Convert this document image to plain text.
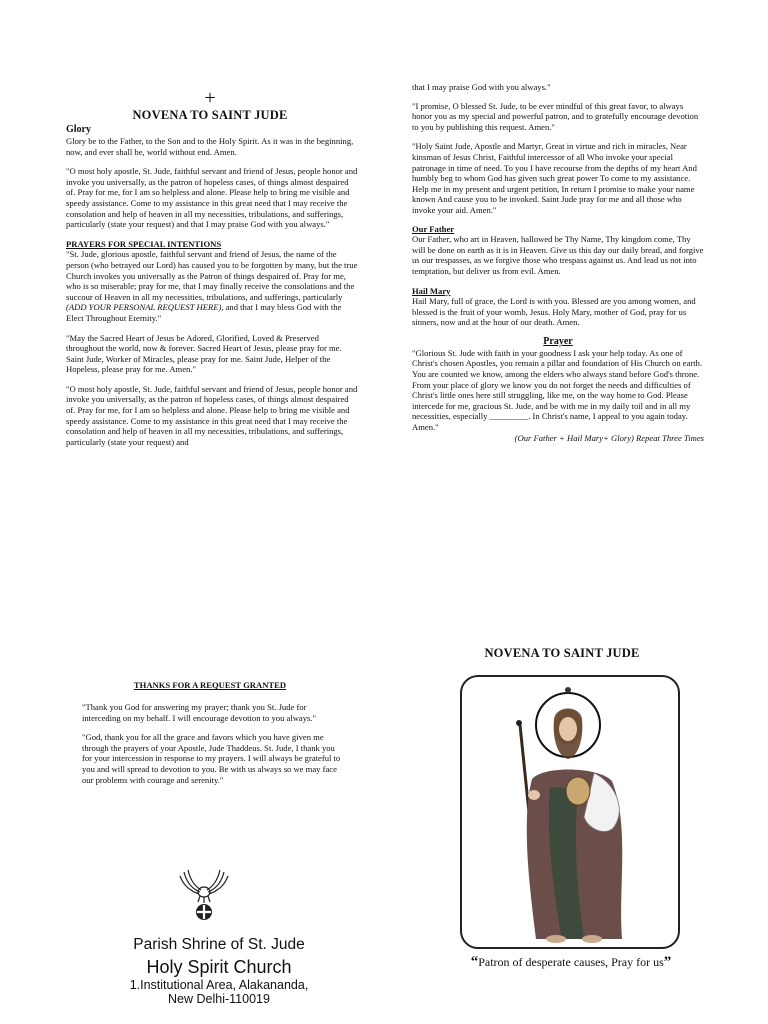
+
NOVENA TO SAINT JUDE
Glory

Glory be to the Father, to the Son and to the Holy Spirit. As it was in the beginning, now, and ever shall be, world without end. Amen.

"O most holy apostle, St. Jude, faithful servant and friend of Jesus, people honor and invoke you universally, as the patron of hopeless cases, of things almost despaired of. Pray for me, for I am so helpless and alone. Please help to bring me visible and speedy assistance. Come to my assistance in this great need that I may receive the consolation and help of heaven in all my necessities, tribulations, and sufferings, particularly (state your request) and that I may praise God with you always."

PRAYERS FOR SPECIAL INTENTIONS

"St. Jude, glorious apostle, faithful servant and friend of Jesus, the name of the person (who betrayed our Lord) has caused you to be forgotten by many, but the true Church invokes you universally as the Patron of things despaired of. Pray for me, who is so miserable; pray for me, that I may finally receive the consolations and the succour of Heaven in all my necessities, tribulations, and sufferings, particularly (ADD YOUR PERSONAL REQUEST HERE), and that I may bless God with the Elect Throughout Eternity."

"May the Sacred Heart of Jesus be Adored, Glorified, Loved & Preserved throughout the world, now & forever. Sacred Heart of Jesus, please pray for me. Saint Jude, Worker of Miracles, please pray for me. Saint Jude, Helper of the Hopeless, please pray for me. Amen."

"O most holy apostle, St. Jude, faithful servant and friend of Jesus, people honor and invoke you universally, as the patron of hopeless cases, of things almost despaired of. Pray for me, for I am so helpless and alone. Please help to bring me visible and speedy assistance. Come to my assistance in this great need that I may receive the consolation and help of heaven in all my necessities, tribulations, and sufferings, particularly (state your request) and

that I may praise God with you always."

"I promise, O blessed St. Jude, to be ever mindful of this great favor, to always honor you as my special and powerful patron, and to gratefully encourage devotion to you by publishing this request. Amen."

"Holy Saint Jude, Apostle and Martyr, Great in virtue and rich in miracles, Near kinsman of Jesus Christ, Faithful intercessor of all Who invoke your special patronage in time of need. To you I have recourse from the depths of my heart And humbly beg to whom God has given such great power To come to my assistance. Help me in my present and urgent petition, In return I promise to make your name known And cause you to be invoked. Saint Jude pray for me and all those who invoke your aid. Amen."

Our Father

Our Father, who art in Heaven, hallowed be Thy Name, Thy kingdom come, Thy will be done on earth as it is in Heaven. Give us this day our daily bread, and forgive us our trespasses, as we forgive those who trespass against us. And lead us not into temptation, but deliver us from evil. Amen.

Hail Mary

Hail Mary, full of grace, the Lord is with you. Blessed are you among women, and blessed is the fruit of your womb, Jesus. Holy Mary, mother of God, pray for us sinners, now and at the hour of our death. Amen.

Prayer

"Glorious St. Jude with faith in your goodness I ask your help today. As one of Christ's chosen Apostles, you remain a pillar and foundation of His Church on earth. You are counted we know, among the elders who always stand before God's throne. From your place of glory we know you do not forget the needs and difficulties of Christ's little ones here still struggling, like me, on the way home to God. Please intercede for me, gracious St. Jude, and be with me in my daily toil and in all my necessities, especially _________. In Christ's name, I appeal to you again today. Amen."

(Our Father + Hail Mary+ Glory) Repeat Three Times

THANKS FOR A REQUEST GRANTED

"Thank you God for answering my prayer; thank you St. Jude for interceding on my behalf. I will encourage devotion to you always."

"God, thank you for all the grace and favors which you have given me through the prayers of your Apostle, Jude Thaddeus. St. Jude, I thank you for your intercession in response to my prayers. I will always be grateful to you and will spread to devotion to you. Be with us always so we may face our problems with courage and serenity."

Parish Shrine of St. Jude
Holy Spirit Church
1.Institutional Area, Alakananda,
New Delhi-110019
NOVENA TO SAINT JUDE
“Patron of desperate causes, Pray for us”
